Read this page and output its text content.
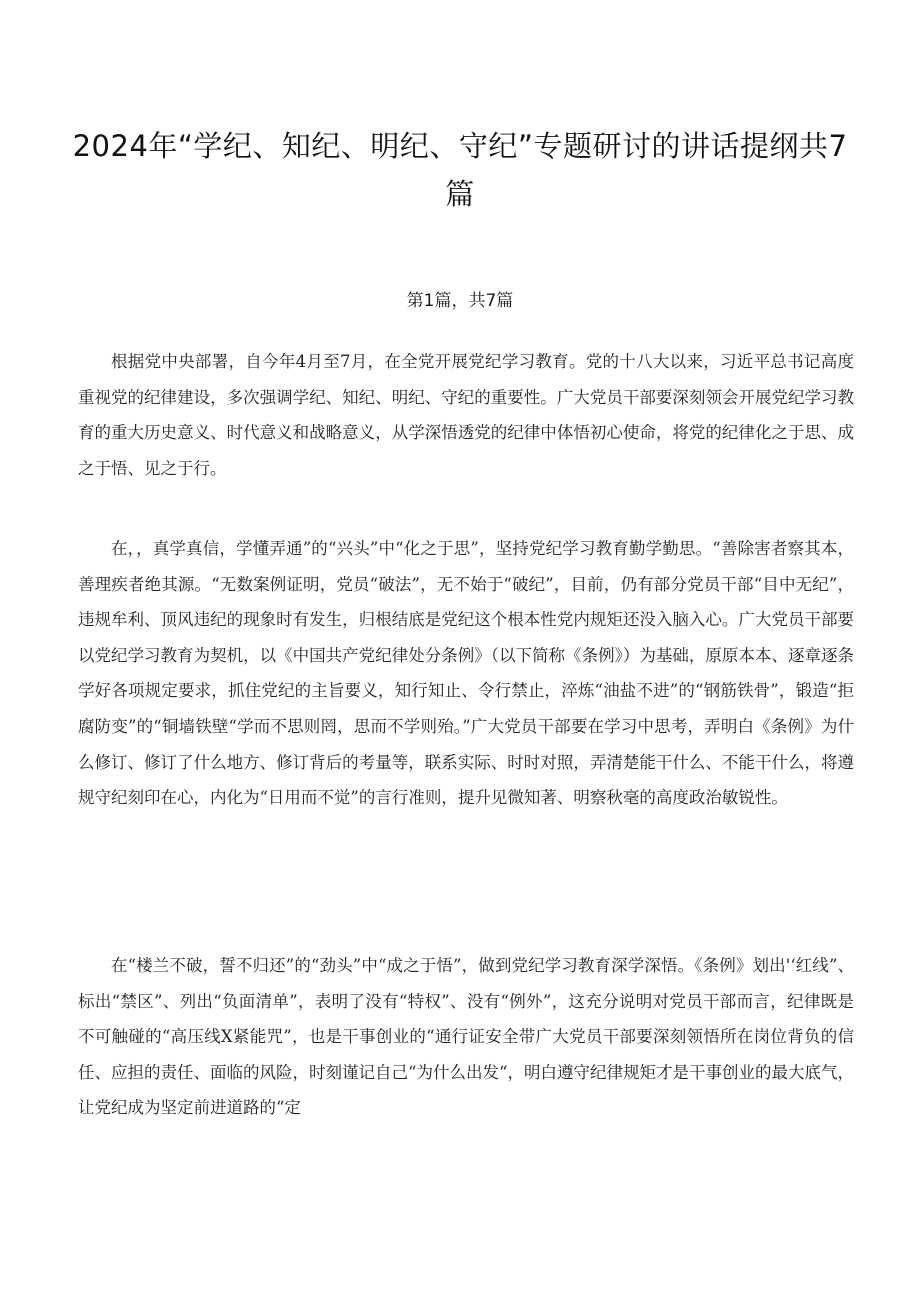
2024年“学纪、知纪、明纪、守纪”专题研讨的讲话提纲共7篇

第1篇，共7篇

根据党中央部署，自今年4月至7月，在全党开展党纪学习教育。党的十八大以来，习近平总书记高度重视党的纪律建设，多次强调学纪、知纪、明纪、守纪的重要性。广大党员干部要深刻领会开展党纪学习教育的重大历史意义、时代意义和战略意义，从学深悟透党的纪律中体悟初心使命，将党的纪律化之于思、成之于悟、见之于行。

在，，真学真信，学懂弄通”的“兴头”中“化之于思”，坚持党纪学习教育勤学勤思。“善除害者察其本，善理疾者绝其源。“无数案例证明，党员“破法”，无不始于“破纪”，目前，仍有部分党员干部“目中无纪”，违规牟利、顶风违纪的现象时有发生，归根结底是党纪这个根本性党内规矩还没入脑入心。广大党员干部要以党纪学习教育为契机，以《中国共产党纪律处分条例》（以下简称《条例》）为基础，原原本本、逐章逐条学好各项规定要求，抓住党纪的主旨要义，知行知止、令行禁止，淬炼“油盐不进”的“钢筋铁骨”，锻造“拒腐防变”的“铜墙铁壁“学而不思则罔，思而不学则殆。”广大党员干部要在学习中思考，弄明白《条例》为什么修订、修订了什么地方、修订背后的考量等，联系实际、时时对照，弄清楚能干什么、不能干什么，将遵规守纪刻印在心，内化为“日用而不觉”的言行准则，提升见微知著、明察秋毫的高度政治敏锐性。

在“楼兰不破，誓不归还”的“劲头”中“成之于悟”，做到党纪学习教育深学深悟。《条例》划出'‘红线”、标出“禁区”、列出“负面清单”，表明了没有“特权”、没有“例外”，这充分说明对党员干部而言，纪律既是不可触碰的“高压线X紧能咒”，也是干事创业的“通行证安全带广大党员干部要深刻领悟所在岗位背负的信任、应担的责任、面临的风险，时刻谨记自己“为什么出发“，明白遵守纪律规矩才是干事创业的最大底气，让党纪成为坚定前进道路的“定
